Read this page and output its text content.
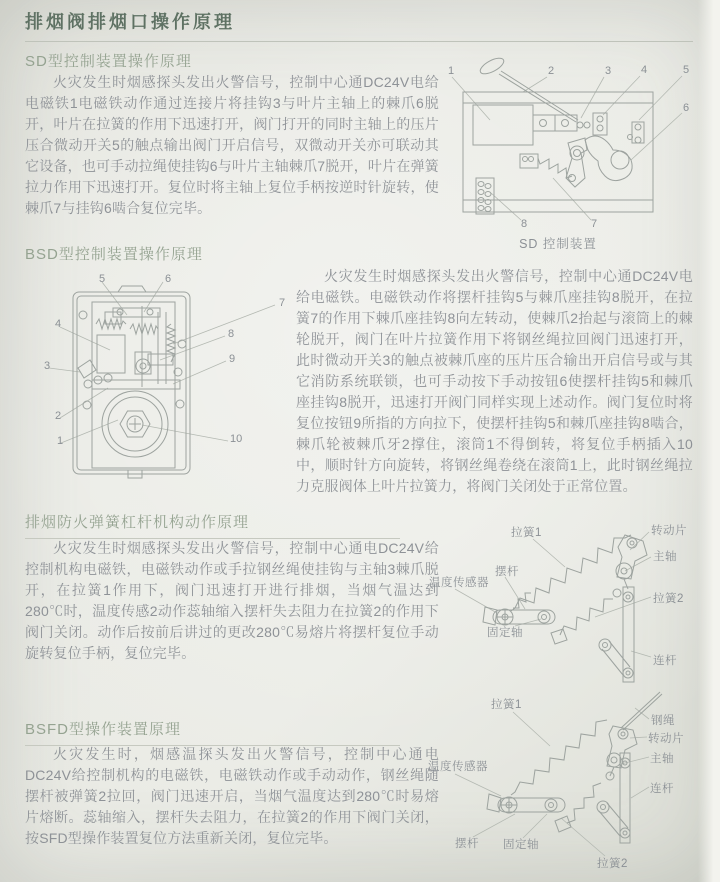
排烟阀排烟口操作原理
SD型控制装置操作原理
火灾发生时烟感探头发出火警信号，控制中心通DC24V电给电磁铁1电磁铁动作通过连接片将挂钩3与叶片主轴上的棘爪6脱开，叶片在拉簧的作用下迅速打开，阀门打开的同时主轴上的压片压合微动开关5的触点输出阀门开启信号，双微动开关亦可联动其它设备，也可手动拉绳使挂钩6与叶片主轴棘爪7脱开，叶片在弹簧拉力作用下迅速打开。复位时将主轴上复位手柄按逆时针旋转，使棘爪7与挂钩6啮合复位完毕。
1	2	3	4	5
6
7
8
SD 控制装置
BSD型控制装置操作原理
1
2
3
4
5	6
7
8
9
10
火灾发生时烟感探头发出火警信号，控制中心通DC24V电给电磁铁。电磁铁动作将摆杆挂钩5与棘爪座挂钩8脱开，在拉簧7的作用下棘爪座挂钩8向左转动，使棘爪2抬起与滚筒上的棘轮脱开，阀门在叶片拉簧作用下将钢丝绳拉回阀门迅速打开，此时微动开关3的触点被棘爪座的压片压合输出开启信号或与其它消防系统联锁，也可手动按下手动按钮6使摆杆挂钩5和棘爪座挂钩8脱开，迅速打开阀门同样实现上述动作。阀门复位时将复位按钮9所指的方向拉下，使摆杆挂钩5和棘爪座挂钩8啮合，棘爪轮被棘爪牙2撑住，滚筒1不得倒转，将复位手柄插入10中，顺时针方向旋转，将钢丝绳卷绕在滚筒1上，此时钢丝绳拉力克服阀体上叶片拉簧力，将阀门关闭处于正常位置。
排烟防火弹簧杠杆机构动作原理
火灾发生时烟感探头发出火警信号，控制中心通电DC24V给控制机构电磁铁，电磁铁动作或手拉钢丝绳使挂钩与主轴3棘爪脱开，在拉簧1作用下，阀门迅速打开进行排烟，当烟气温达到280℃时，温度传感2动作蕊轴缩入摆杆失去阻力在拉簧2的作用下阀门关闭。动作后按前后讲过的更改280℃易熔片将摆杆复位手动旋转复位手柄，复位完毕。
拉簧1	转动片
主轴
摆杆
温度传感器
固定轴
拉簧2
连杆
BSFD型操作装置原理
火灾发生时，烟感温探头发出火警信号，控制中心通电DC24V给控制机构的电磁铁，电磁铁动作或手动动作，钢丝绳随摆杆被弹簧2拉回，阀门迅速开启，当烟气温度达到280℃时易熔片熔断。蕊轴缩入，摆杆失去阻力，在拉簧2的作用下阀门关闭，按SFD型操作装置复位方法重新关闭，复位完毕。
拉簧1
钢绳
转动片
主轴
连杆
温度传感器
摆杆 固定轴
拉簧2
